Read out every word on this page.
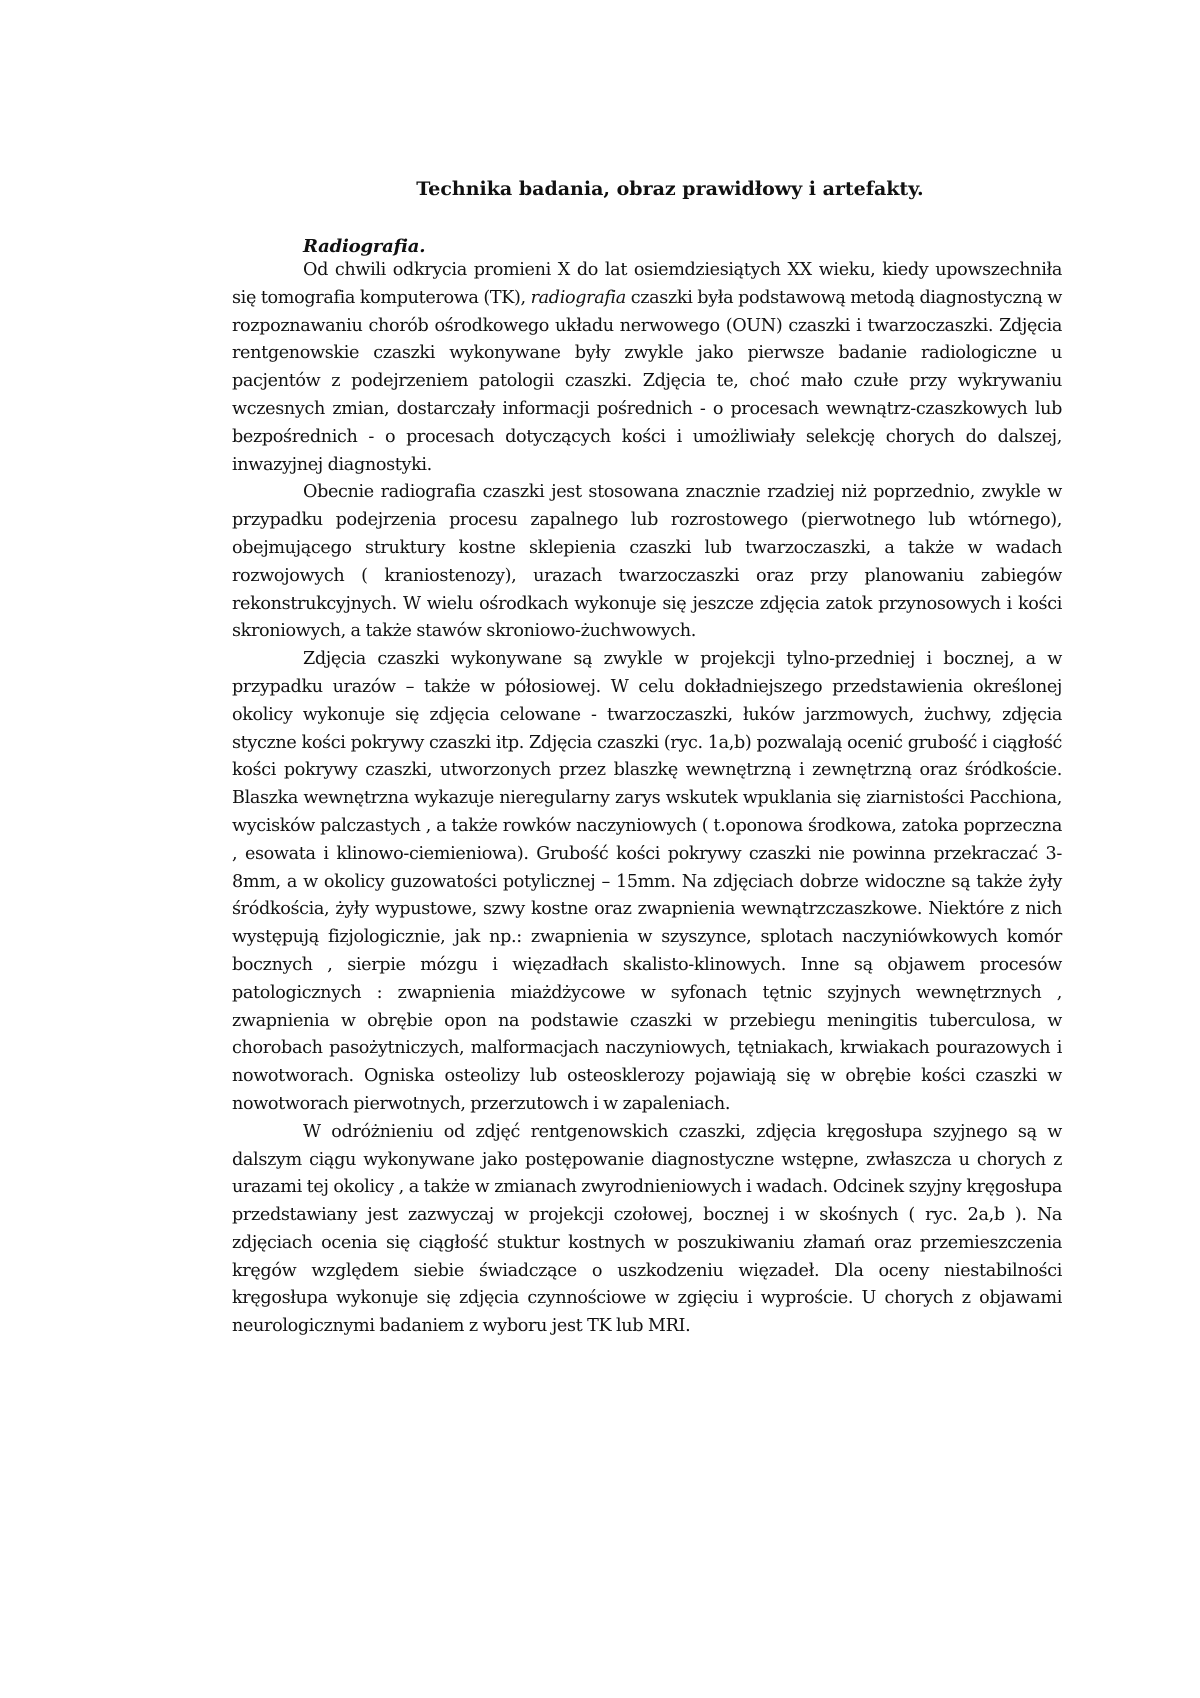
Technika badania, obraz prawidłowy i artefakty.
Radiografia.

Od chwili odkrycia promieni X do lat osiemdziesiątych XX wieku, kiedy upowszechniła się tomografia komputerowa (TK), radiografia czaszki była podstawową metodą diagnostyczną w rozpoznawaniu chorób ośrodkowego układu nerwowego (OUN) czaszki i twarzoczaszki. Zdjęcia rentgenowskie czaszki wykonywane były zwykle jako pierwsze badanie radiologiczne u pacjentów z podejrzeniem patologii czaszki. Zdjęcia te, choć mało czułe przy wykrywaniu wczesnych zmian, dostarczały informacji pośrednich - o procesach wewnątrz-czaszkowych lub bezpośrednich - o procesach dotyczących kości i umożliwiały selekcję chorych do dalszej, inwazyjnej diagnostyki.

Obecnie radiografia czaszki jest stosowana znacznie rzadziej niż poprzednio, zwykle w przypadku podejrzenia procesu zapalnego lub rozrostowego (pierwotnego lub wtórnego), obejmującego struktury kostne sklepienia czaszki lub twarzoczaszki, a także w wadach rozwojowych ( kraniostenozy), urazach twarzoczaszki oraz przy planowaniu zabiegów rekonstrukcyjnych. W wielu ośrodkach wykonuje się jeszcze zdjęcia zatok przynosowych i kości skroniowych, a także stawów skroniowo-żuchwowych.

Zdjęcia czaszki wykonywane są zwykle w projekcji tylno-przedniej i bocznej, a w przypadku urazów – także w półosiowej. W celu dokładniejszego przedstawienia określonej okolicy wykonuje się zdjęcia celowane - twarzoczaszki, łuków jarzmowych, żuchwy, zdjęcia styczne kości pokrywy czaszki itp. Zdjęcia czaszki (ryc. 1a,b) pozwalają ocenić grubość i ciągłość kości pokrywy czaszki, utworzonych przez blaszkę wewnętrzną i zewnętrzną oraz śródkoście. Blaszka wewnętrzna wykazuje nieregularny zarys wskutek wpuklania się ziarnistości Pacchiona, wycisków palczastych , a także rowków naczyniowych ( t.oponowa środkowa, zatoka poprzeczna , esowata i klinowo-ciemieniowa). Grubość kości pokrywy czaszki nie powinna przekraczać 3-8mm, a w okolicy guzowatości potylicznej – 15mm. Na zdjęciach dobrze widoczne są także żyły śródkościa, żyły wypustowe, szwy kostne oraz zwapnienia wewnątrzczaszkowe. Niektóre z nich występują fizjologicznie, jak np.: zwapnienia w szyszynce, splotach naczyniówkowych komór bocznych , sierpie mózgu i więzadłach skalisto-klinowych. Inne są objawem procesów patologicznych : zwapnienia miażdżycowe w syfonach tętnic szyjnych wewnętrznych , zwapnienia w obrębie opon na podstawie czaszki w przebiegu meningitis tuberculosa, w chorobach pasożytniczych, malformacjach naczyniowych, tętniakach, krwiakach pourazowych i nowotworach. Ogniska osteolizy lub osteosklerozy pojawiają się w obrębie kości czaszki w nowotworach pierwotnych, przerzutowch i w zapaleniach.

W odróżnieniu od zdjęć rentgenowskich czaszki, zdjęcia kręgosłupa szyjnego są w dalszym ciągu wykonywane jako postępowanie diagnostyczne wstępne, zwłaszcza u chorych z urazami tej okolicy , a także w zmianach zwyrodnieniowych i wadach. Odcinek szyjny kręgosłupa przedstawiany jest zazwyczaj w projekcji czołowej, bocznej i w skośnych ( ryc. 2a,b ). Na zdjęciach ocenia się ciągłość stuktur kostnych w poszukiwaniu złamań oraz przemieszczenia kręgów względem siebie świadczące o uszkodzeniu więzadeł. Dla oceny niestabilności kręgosłupa wykonuje się zdjęcia czynnościowe w zgięciu i wyproście. U chorych z objawami neurologicznymi badaniem z wyboru jest TK lub MRI.
